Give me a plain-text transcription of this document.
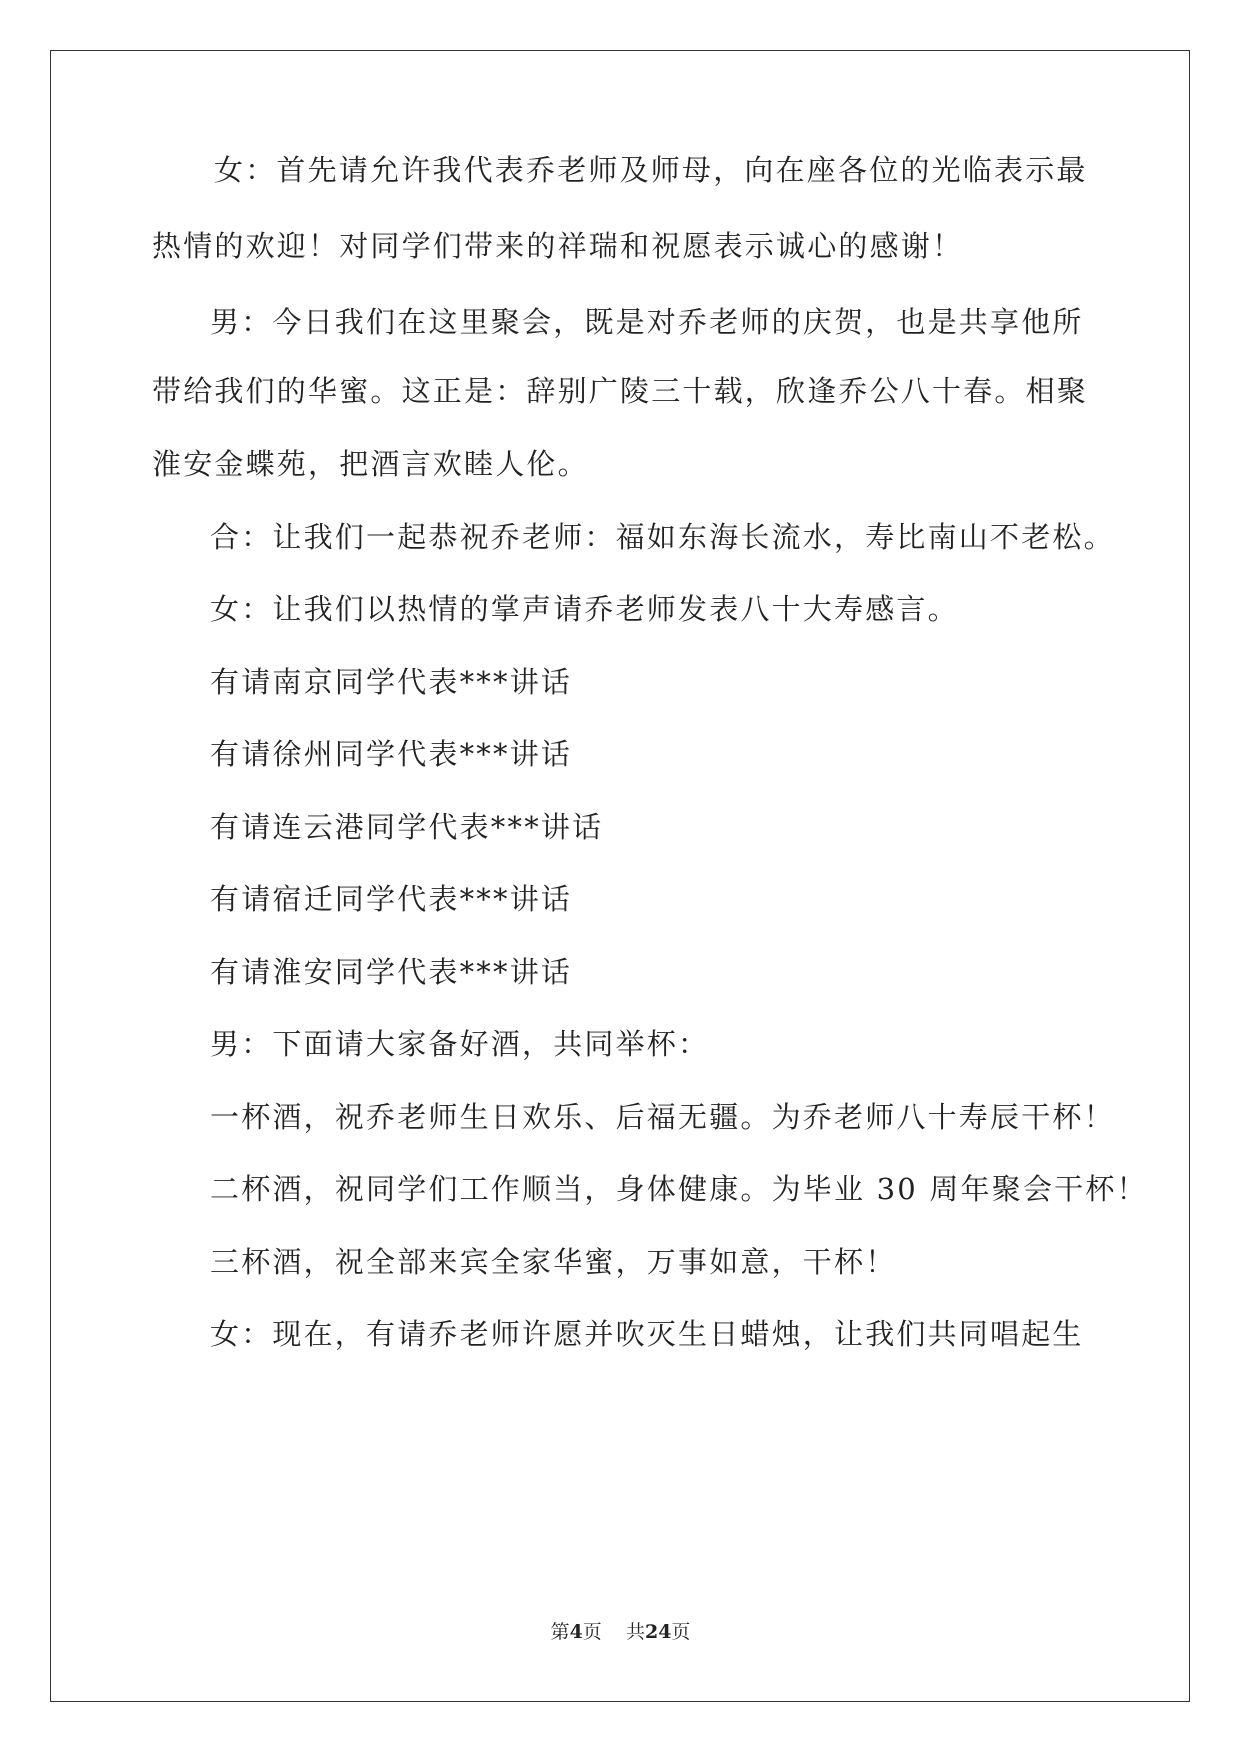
女：首先请允许我代表乔老师及师母，向在座各位的光临表示最
热情的欢迎！对同学们带来的祥瑞和祝愿表示诚心的感谢！
男：今日我们在这里聚会，既是对乔老师的庆贺，也是共享他所
带给我们的华蜜。这正是：辞别广陵三十载，欣逢乔公八十春。相聚
淮安金蝶苑，把酒言欢睦人伦。
合：让我们一起恭祝乔老师：福如东海长流水，寿比南山不老松。
女：让我们以热情的掌声请乔老师发表八十大寿感言。
有请南京同学代表***讲话
有请徐州同学代表***讲话
有请连云港同学代表***讲话
有请宿迁同学代表***讲话
有请淮安同学代表***讲话
男：下面请大家备好酒，共同举杯：
一杯酒，祝乔老师生日欢乐、后福无疆。为乔老师八十寿辰干杯！
二杯酒，祝同学们工作顺当，身体健康。为毕业 30 周年聚会干杯！
三杯酒，祝全部来宾全家华蜜，万事如意，干杯！
女：现在，有请乔老师许愿并吹灭生日蜡烛，让我们共同唱起生
第4页    共24页
